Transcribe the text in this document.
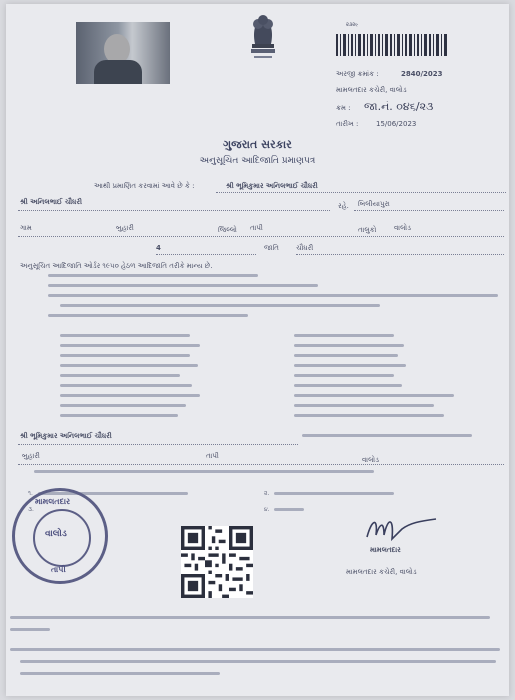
૨૩૨૯
અરજી ક્રમાંક :	2840/2023
મામલતદાર કચેરી, વાલોડ
ક્રમ : જા.નં. ૦૪૬/૨૩
તારીખ :	15/06/2023
ગુજરાત સરકાર
અનુસૂચિત આદિજાતિ પ્રમાણપત્ર
આથી પ્રમાણિત કરવામાં આવે છે કે :	શ્રી ભૂમિકુમાર અનિલભાઈ ચૌધરી
શ્રી અનિલભાઈ ચૌધરી	રહે. બિલીયાપુરા
ગામ	બુહારી	જિલ્લો તાપી	તાલુકો	વાલોડ
4	જાતિ ચૌધરી
અનુસૂચિત આદિજાતિ ઓર્ડર ૧૯૫૦ હેઠળ આદિજાતિ તરીકે માન્ય છે.
શ્રી ભૂમિકુમાર અનિલભાઈ ચૌધરી
બુહારી	તાપી	વાલોડ
૧.	૨.
૩.	૪.
મામલતદાર
વાલોડ
તાપી
મામલતદાર
મામલતદાર કચેરી, વાલોડ
